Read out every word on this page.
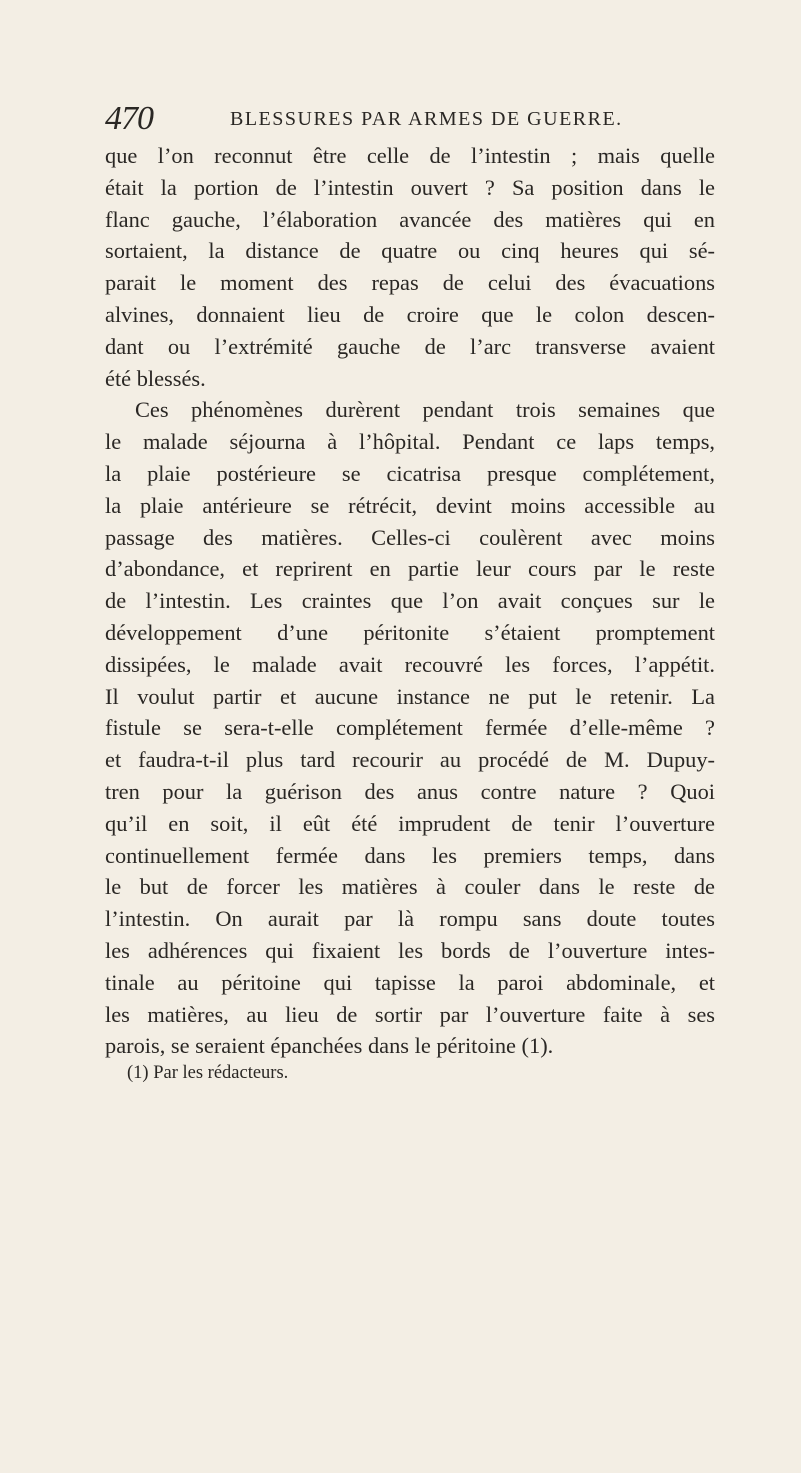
470	BLESSURES PAR ARMES DE GUERRE.
que l’on reconnut être celle de l’intestin ; mais quelle
était la portion de l’intestin ouvert ? Sa position dans le
flanc gauche, l’élaboration avancée des matières qui en
sortaient, la distance de quatre ou cinq heures qui sé-
parait le moment des repas de celui des évacuations
alvines, donnaient lieu de croire que le colon descen-
dant ou l’extrémité gauche de l’arc transverse avaient
été blessés.
Ces phénomènes durèrent pendant trois semaines que
le malade séjourna à l’hôpital. Pendant ce laps temps,
la plaie postérieure se cicatrisa presque complétement,
la plaie antérieure se rétrécit, devint moins accessible au
passage des matières. Celles-ci coulèrent avec moins
d’abondance, et reprirent en partie leur cours par le reste
de l’intestin. Les craintes que l’on avait conçues sur le
développement d’une péritonite s’étaient promptement
dissipées, le malade avait recouvré les forces, l’appétit.
Il voulut partir et aucune instance ne put le retenir. La
fistule se sera-t-elle complétement fermée d’elle-même ?
et faudra-t-il plus tard recourir au procédé de M. Dupuy-
tren pour la guérison des anus contre nature ? Quoi
qu’il en soit, il eût été imprudent de tenir l’ouverture
continuellement fermée dans les premiers temps, dans
le but de forcer les matières à couler dans le reste de
l’intestin. On aurait par là rompu sans doute toutes
les adhérences qui fixaient les bords de l’ouverture intes-
tinale au péritoine qui tapisse la paroi abdominale, et
les matières, au lieu de sortir par l’ouverture faite à ses
parois, se seraient épanchées dans le péritoine (1).
(1) Par les rédacteurs.
